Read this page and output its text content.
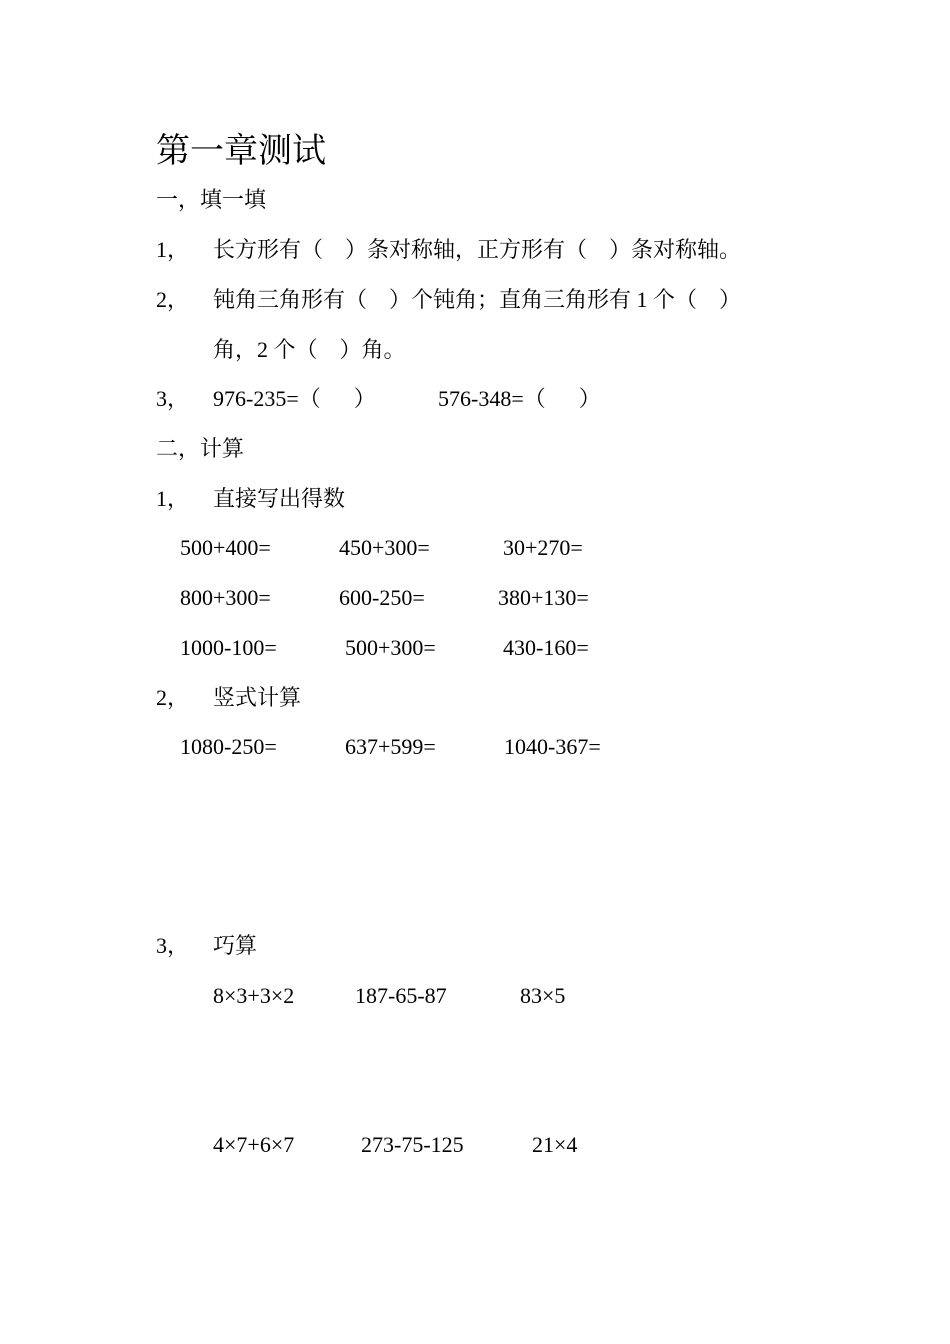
第一章测试
一，填一填
1， 长方形有（    ）条对称轴，正方形有（    ）条对称轴。
2， 钝角三角形有（    ）个钝角；直角三角形有 1 个（    ）
角，2 个（    ）角。
3， 976-235=（      ）	576-348=（      ）
二，计算
1， 直接写出得数
500+400=	450+300=	30+270=
800+300=	600-250=	380+130=
1000-100=	500+300=	430-160=
2， 竖式计算
1080-250=	637+599=	1040-367=
3， 巧算
8×3+3×2	187-65-87	83×5
4×7+6×7	273-75-125	21×4
